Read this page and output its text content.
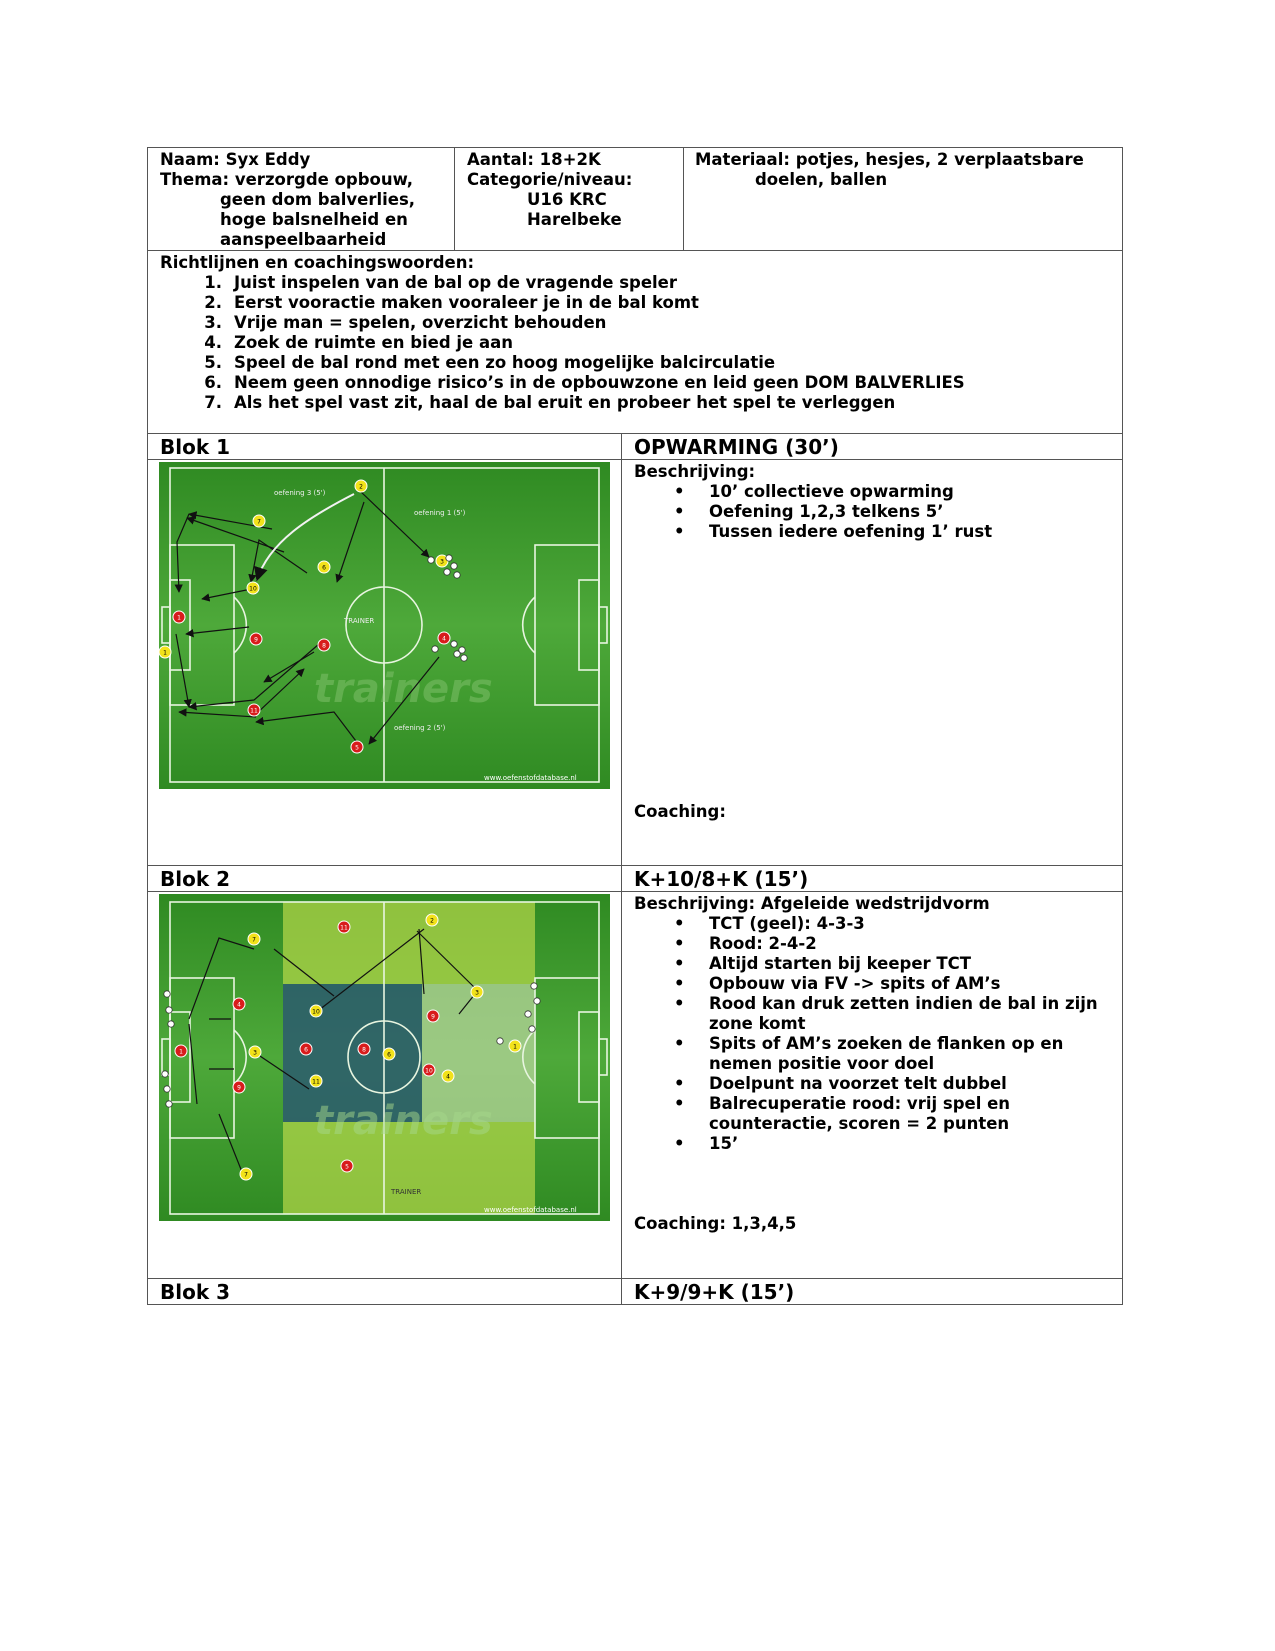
Naam: Syx Eddy
Thema: verzorgde opbouw,
geen dom balverlies,
hoge balsnelheid en
aanspeelbaarheid
Aantal: 18+2K
Categorie/niveau:
U16 KRC
Harelbeke
Materiaal: potjes, hesjes, 2 verplaatsbare
doelen, ballen
Richtlijnen en coachingswoorden:
1. Juist inspelen van de bal op de vragende speler
2. Eerst vooractie maken vooraleer je in de bal komt
3. Vrije man = spelen, overzicht behouden
4. Zoek de ruimte en bied je aan
5. Speel de bal rond met een zo hoog mogelijke balcirculatie
6. Neem geen onnodige risico’s in de opbouwzone en leid geen DOM BALVERLIES
7. Als het spel vast zit, haal de bal eruit en probeer het spel te verleggen
Blok 1	OPWARMING (30’)
trainers
TRAINER
oefening 3 (5')
oefening 1 (5')
oefening 2 (5')
www.oefenstofdatabase.nl
2
7
6
10
3
1
9
8
4
1
11
5
Beschrijving:
• 10’ collectieve opwarming
• Oefening 1,2,3 telkens 5’
• Tussen iedere oefening 1’ rust
Coaching:
Blok 2	K+10/8+K (15’)
trainers
TRAINER
www.oefenstofdatabase.nl
11
2
7
4
10
3
9
1
6	8
6
10
4
1	3
9
11
7
5
Beschrijving: Afgeleide wedstrijdvorm
• TCT (geel): 4-3-3
• Rood: 2-4-2
• Altijd starten bij keeper TCT
• Opbouw via FV -> spits of AM’s
• Rood kan druk zetten indien de bal in zijn zone komt
• Spits of AM’s zoeken de flanken op en nemen positie voor doel
• Doelpunt na voorzet telt dubbel
• Balrecuperatie rood: vrij spel en counteractie, scoren = 2 punten
• 15’
Coaching: 1,3,4,5
Blok 3	K+9/9+K (15’)
